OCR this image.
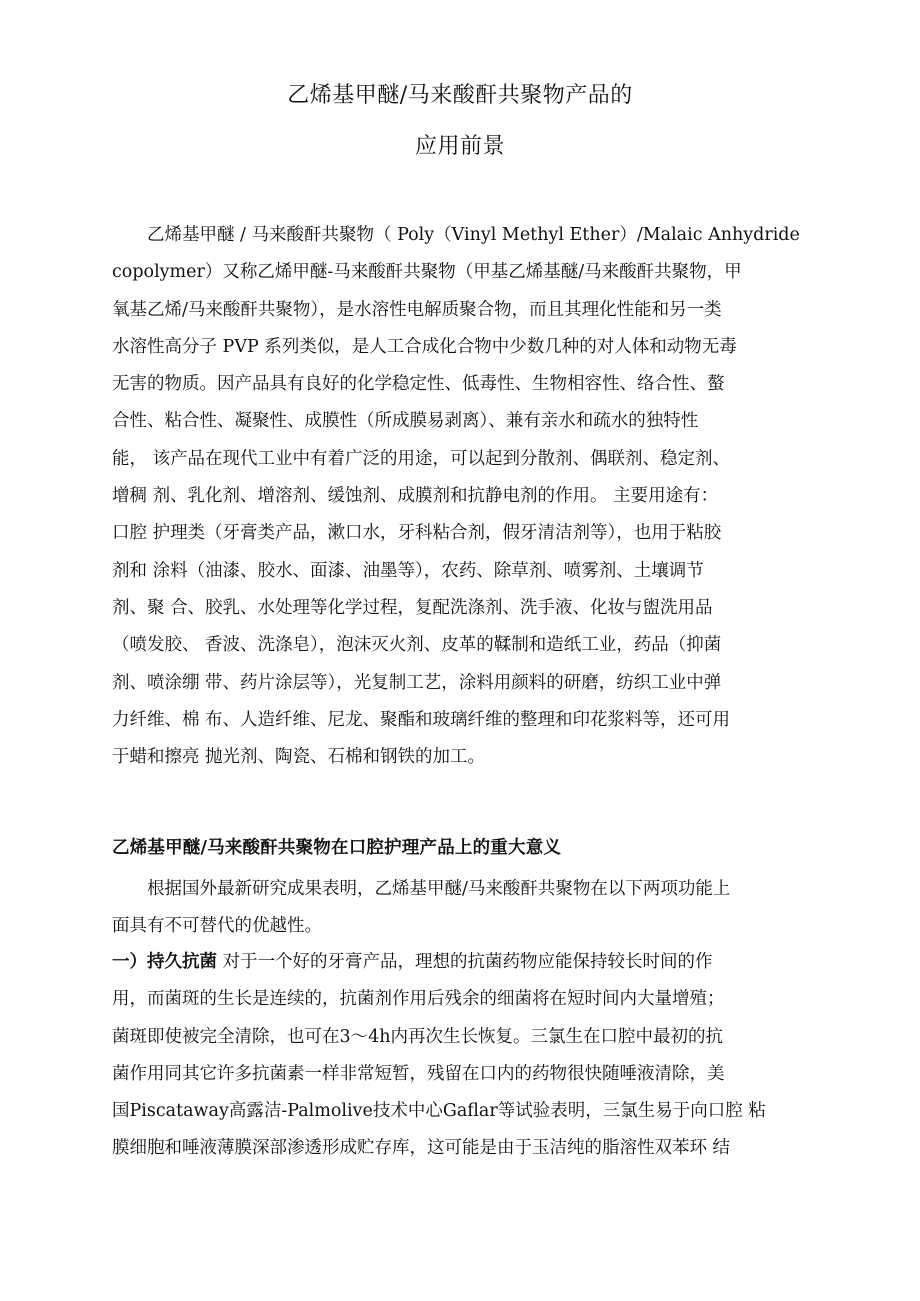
乙烯基甲醚/马来酸酐共聚物产品的
应用前景
　　乙烯基甲醚 / 马来酸酐共聚物（ Poly（Vinyl Methyl Ether）/Malaic Anhydride
copolymer）又称乙烯甲醚-马来酸酐共聚物（甲基乙烯基醚/马来酸酐共聚物，甲
氧基乙烯/马来酸酐共聚物），是水溶性电解质聚合物，而且其理化性能和另一类
水溶性高分子 PVP 系列类似，是人工合成化合物中少数几种的对人体和动物无毒
无害的物质。因产品具有良好的化学稳定性、低毒性、生物相容性、络合性、螯
合性、粘合性、凝聚性、成膜性（所成膜易剥离）、兼有亲水和疏水的独特性
能， 该产品在现代工业中有着广泛的用途，可以起到分散剂、偶联剂、稳定剂、
增稠 剂、乳化剂、增溶剂、缓蚀剂、成膜剂和抗静电剂的作用。 主要用途有：
口腔 护理类（牙膏类产品，漱口水，牙科粘合剂，假牙清洁剂等），也用于粘胶
剂和 涂料（油漆、胶水、面漆、油墨等），农药、除草剂、喷雾剂、土壤调节
剂、聚 合、胶乳、水处理等化学过程，复配洗涤剂、洗手液、化妆与盥洗用品
（喷发胶、 香波、洗涤皂），泡沫灭火剂、皮革的鞣制和造纸工业，药品（抑菌
剂、喷涂绷 带、药片涂层等），光复制工艺，涂料用颜料的研磨，纺织工业中弹
力纤维、棉 布、人造纤维、尼龙、聚酯和玻璃纤维的整理和印花浆料等，还可用
于蜡和擦亮 抛光剂、陶瓷、石棉和钢铁的加工。
乙烯基甲醚/马来酸酐共聚物在口腔护理产品上的重大意义
　　根据国外最新研究成果表明，乙烯基甲醚/马来酸酐共聚物在以下两项功能上
面具有不可替代的优越性。
一）持久抗菌 对于一个好的牙膏产品，理想的抗菌药物应能保持较长时间的作
用，而菌斑的生长是连续的，抗菌剂作用后残余的细菌将在短时间内大量增殖；
菌斑即使被完全清除，也可在3〜4h内再次生长恢复。三氯生在口腔中最初的抗
菌作用同其它许多抗菌素一样非常短暂，残留在口内的药物很快随唾液清除，美
国Piscataway高露洁-Palmolive技术中心Gaflar等试验表明，三氯生易于向口腔 粘
膜细胞和唾液薄膜深部渗透形成贮存库，这可能是由于玉洁纯的脂溶性双苯环 结
